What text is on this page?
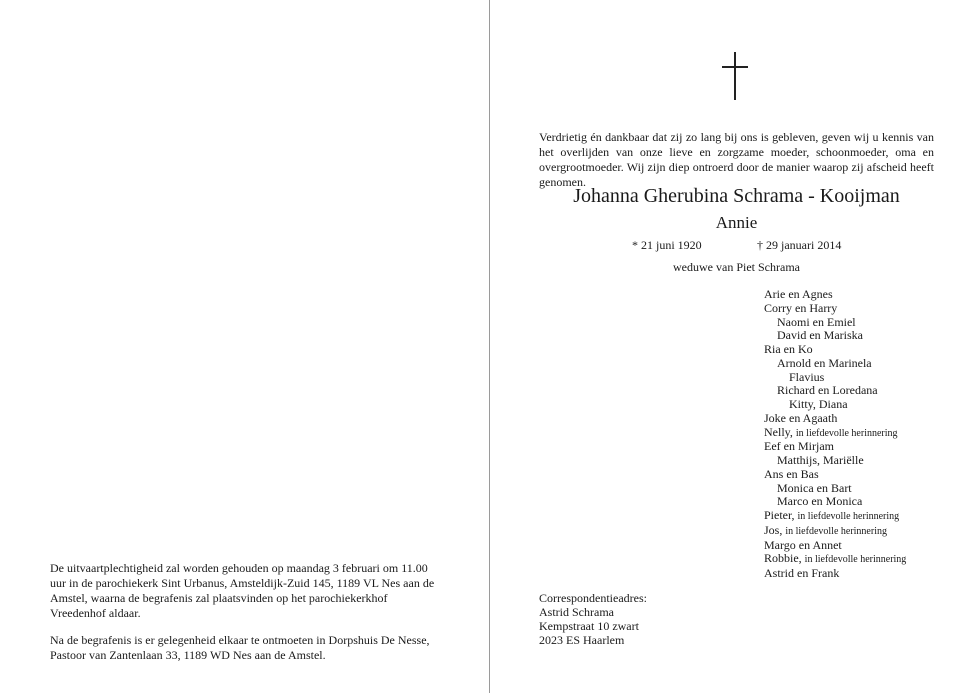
De uitvaartplechtigheid zal worden gehouden op maandag 3 februari om 11.00 uur in de parochiekerk Sint Urbanus, Amsteldijk-Zuid 145, 1189 VL Nes aan de Amstel, waarna de begrafenis zal plaatsvinden op het parochiekerkhof Vreedenhof aldaar.

Na de begrafenis is er gelegenheid elkaar te ontmoeten in Dorpshuis De Nesse, Pastoor van Zantenlaan 33, 1189 WD Nes aan de Amstel.

Verdrietig én dankbaar dat zij zo lang bij ons is gebleven, geven wij u kennis van het overlijden van onze lieve en zorgzame moeder, schoonmoeder, oma en overgrootmoeder. Wij zijn diep ontroerd door de manier waarop zij afscheid heeft genomen.
Johanna Gherubina Schrama - Kooijman
Annie
* 21 juni 1920	† 29 januari 2014
weduwe van Piet Schrama
Arie en Agnes
Corry en Harry
Naomi en Emiel
David en Mariska
Ria en Ko
Arnold en Marinela
Flavius
Richard en Loredana
Kitty, Diana
Joke en Agaath
Nelly, in liefdevolle herinnering
Eef en Mirjam
Matthijs, Mariëlle
Ans en Bas
Monica en Bart
Marco en Monica
Pieter, in liefdevolle herinnering
Jos, in liefdevolle herinnering
Margo en Annet
Robbie, in liefdevolle herinnering
Astrid en Frank
Correspondentieadres:
Astrid Schrama
Kempstraat 10 zwart
2023 ES Haarlem
